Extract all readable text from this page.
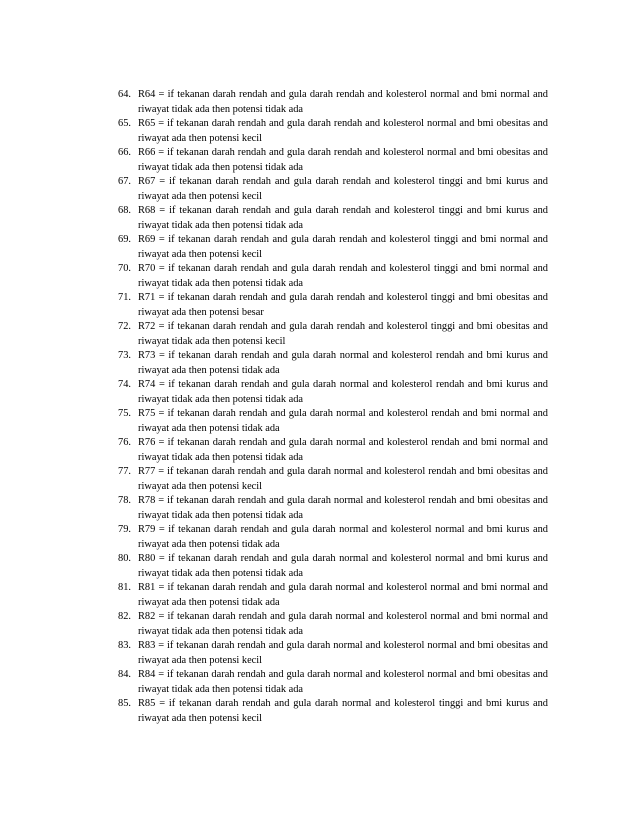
64. R64 = if tekanan darah rendah and gula darah rendah and kolesterol normal and bmi normal and riwayat tidak ada then potensi tidak ada
65. R65 = if tekanan darah rendah and gula darah rendah and kolesterol normal and bmi obesitas and riwayat ada then potensi kecil
66. R66 = if tekanan darah rendah and gula darah rendah and kolesterol normal and bmi obesitas and riwayat tidak ada then potensi tidak ada
67. R67 = if tekanan darah rendah and gula darah rendah and kolesterol tinggi and bmi kurus and riwayat ada then potensi kecil
68. R68 = if tekanan darah rendah and gula darah rendah and kolesterol tinggi and bmi kurus and riwayat tidak ada then potensi tidak ada
69. R69 = if tekanan darah rendah and gula darah rendah and kolesterol tinggi and bmi normal and riwayat ada then potensi kecil
70. R70 = if tekanan darah rendah and gula darah rendah and kolesterol tinggi and bmi normal and riwayat tidak ada then potensi tidak ada
71. R71 = if tekanan darah rendah and gula darah rendah and kolesterol tinggi and bmi obesitas and riwayat ada then potensi besar
72. R72 = if tekanan darah rendah and gula darah rendah and kolesterol tinggi and bmi obesitas and riwayat tidak ada then potensi kecil
73. R73 = if tekanan darah rendah and gula darah normal and kolesterol rendah and bmi kurus and riwayat ada then potensi tidak ada
74. R74 = if tekanan darah rendah and gula darah normal and kolesterol rendah and bmi kurus and riwayat tidak ada then potensi tidak ada
75. R75 = if tekanan darah rendah and gula darah normal and kolesterol rendah and bmi normal and riwayat ada then potensi tidak ada
76. R76 = if tekanan darah rendah and gula darah normal and kolesterol rendah and bmi normal and riwayat tidak ada then potensi tidak ada
77. R77 = if tekanan darah rendah and gula darah normal and kolesterol rendah and bmi obesitas and riwayat ada then potensi kecil
78. R78 = if tekanan darah rendah and gula darah normal and kolesterol rendah and bmi obesitas and riwayat tidak ada then potensi tidak ada
79. R79 = if tekanan darah rendah and gula darah normal and kolesterol normal and bmi kurus and riwayat ada then potensi tidak ada
80. R80 = if tekanan darah rendah and gula darah normal and kolesterol normal and bmi kurus and riwayat tidak ada then potensi tidak ada
81. R81 = if tekanan darah rendah and gula darah normal and kolesterol normal and bmi normal and riwayat ada then potensi tidak ada
82. R82 = if tekanan darah rendah and gula darah normal and kolesterol normal and bmi normal and riwayat tidak ada then potensi tidak ada
83. R83 = if tekanan darah rendah and gula darah normal and kolesterol normal and bmi obesitas and riwayat ada then potensi kecil
84. R84 = if tekanan darah rendah and gula darah normal and kolesterol normal and bmi obesitas and riwayat tidak ada then potensi tidak ada
85. R85 = if tekanan darah rendah and gula darah normal and kolesterol tinggi and bmi kurus and riwayat ada then potensi kecil
